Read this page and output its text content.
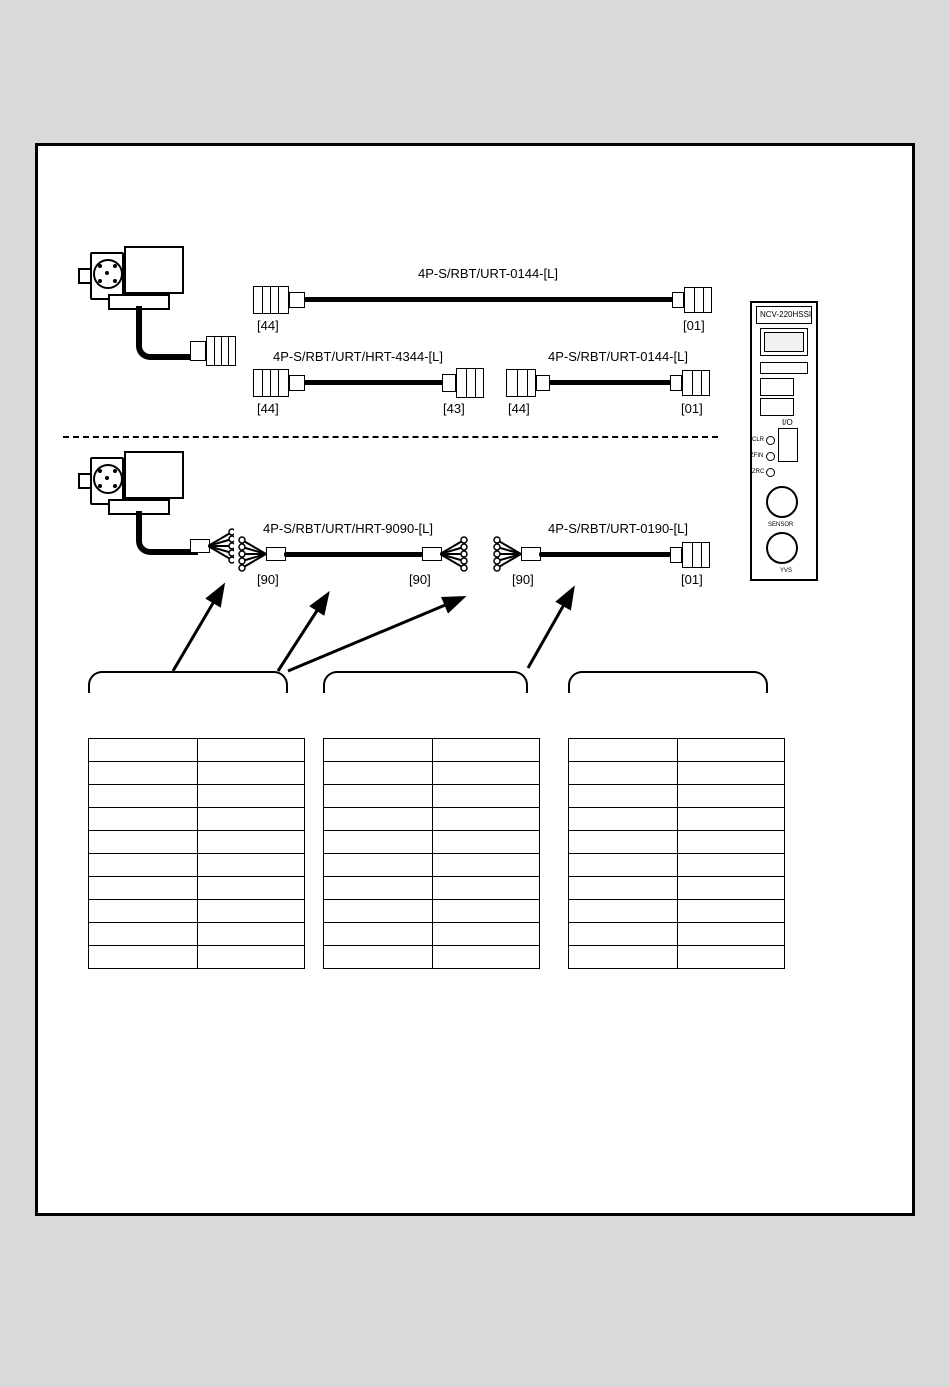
4P-S/RBT/URT-0144-[L]
[44]	[01]
4P-S/RBT/URT/HRT-4344-[L]
[44]	[43]
4P-S/RBT/URT-0144-[L]
[44]	[01]
4P-S/RBT/URT/HRT-9090-[L]
[90]	[90]
4P-S/RBT/URT-0190-[L]
[90]	[01]
NCV-220HSSI
I/O
CLR
ZFIN
ZRC
SENSOR
YVS
